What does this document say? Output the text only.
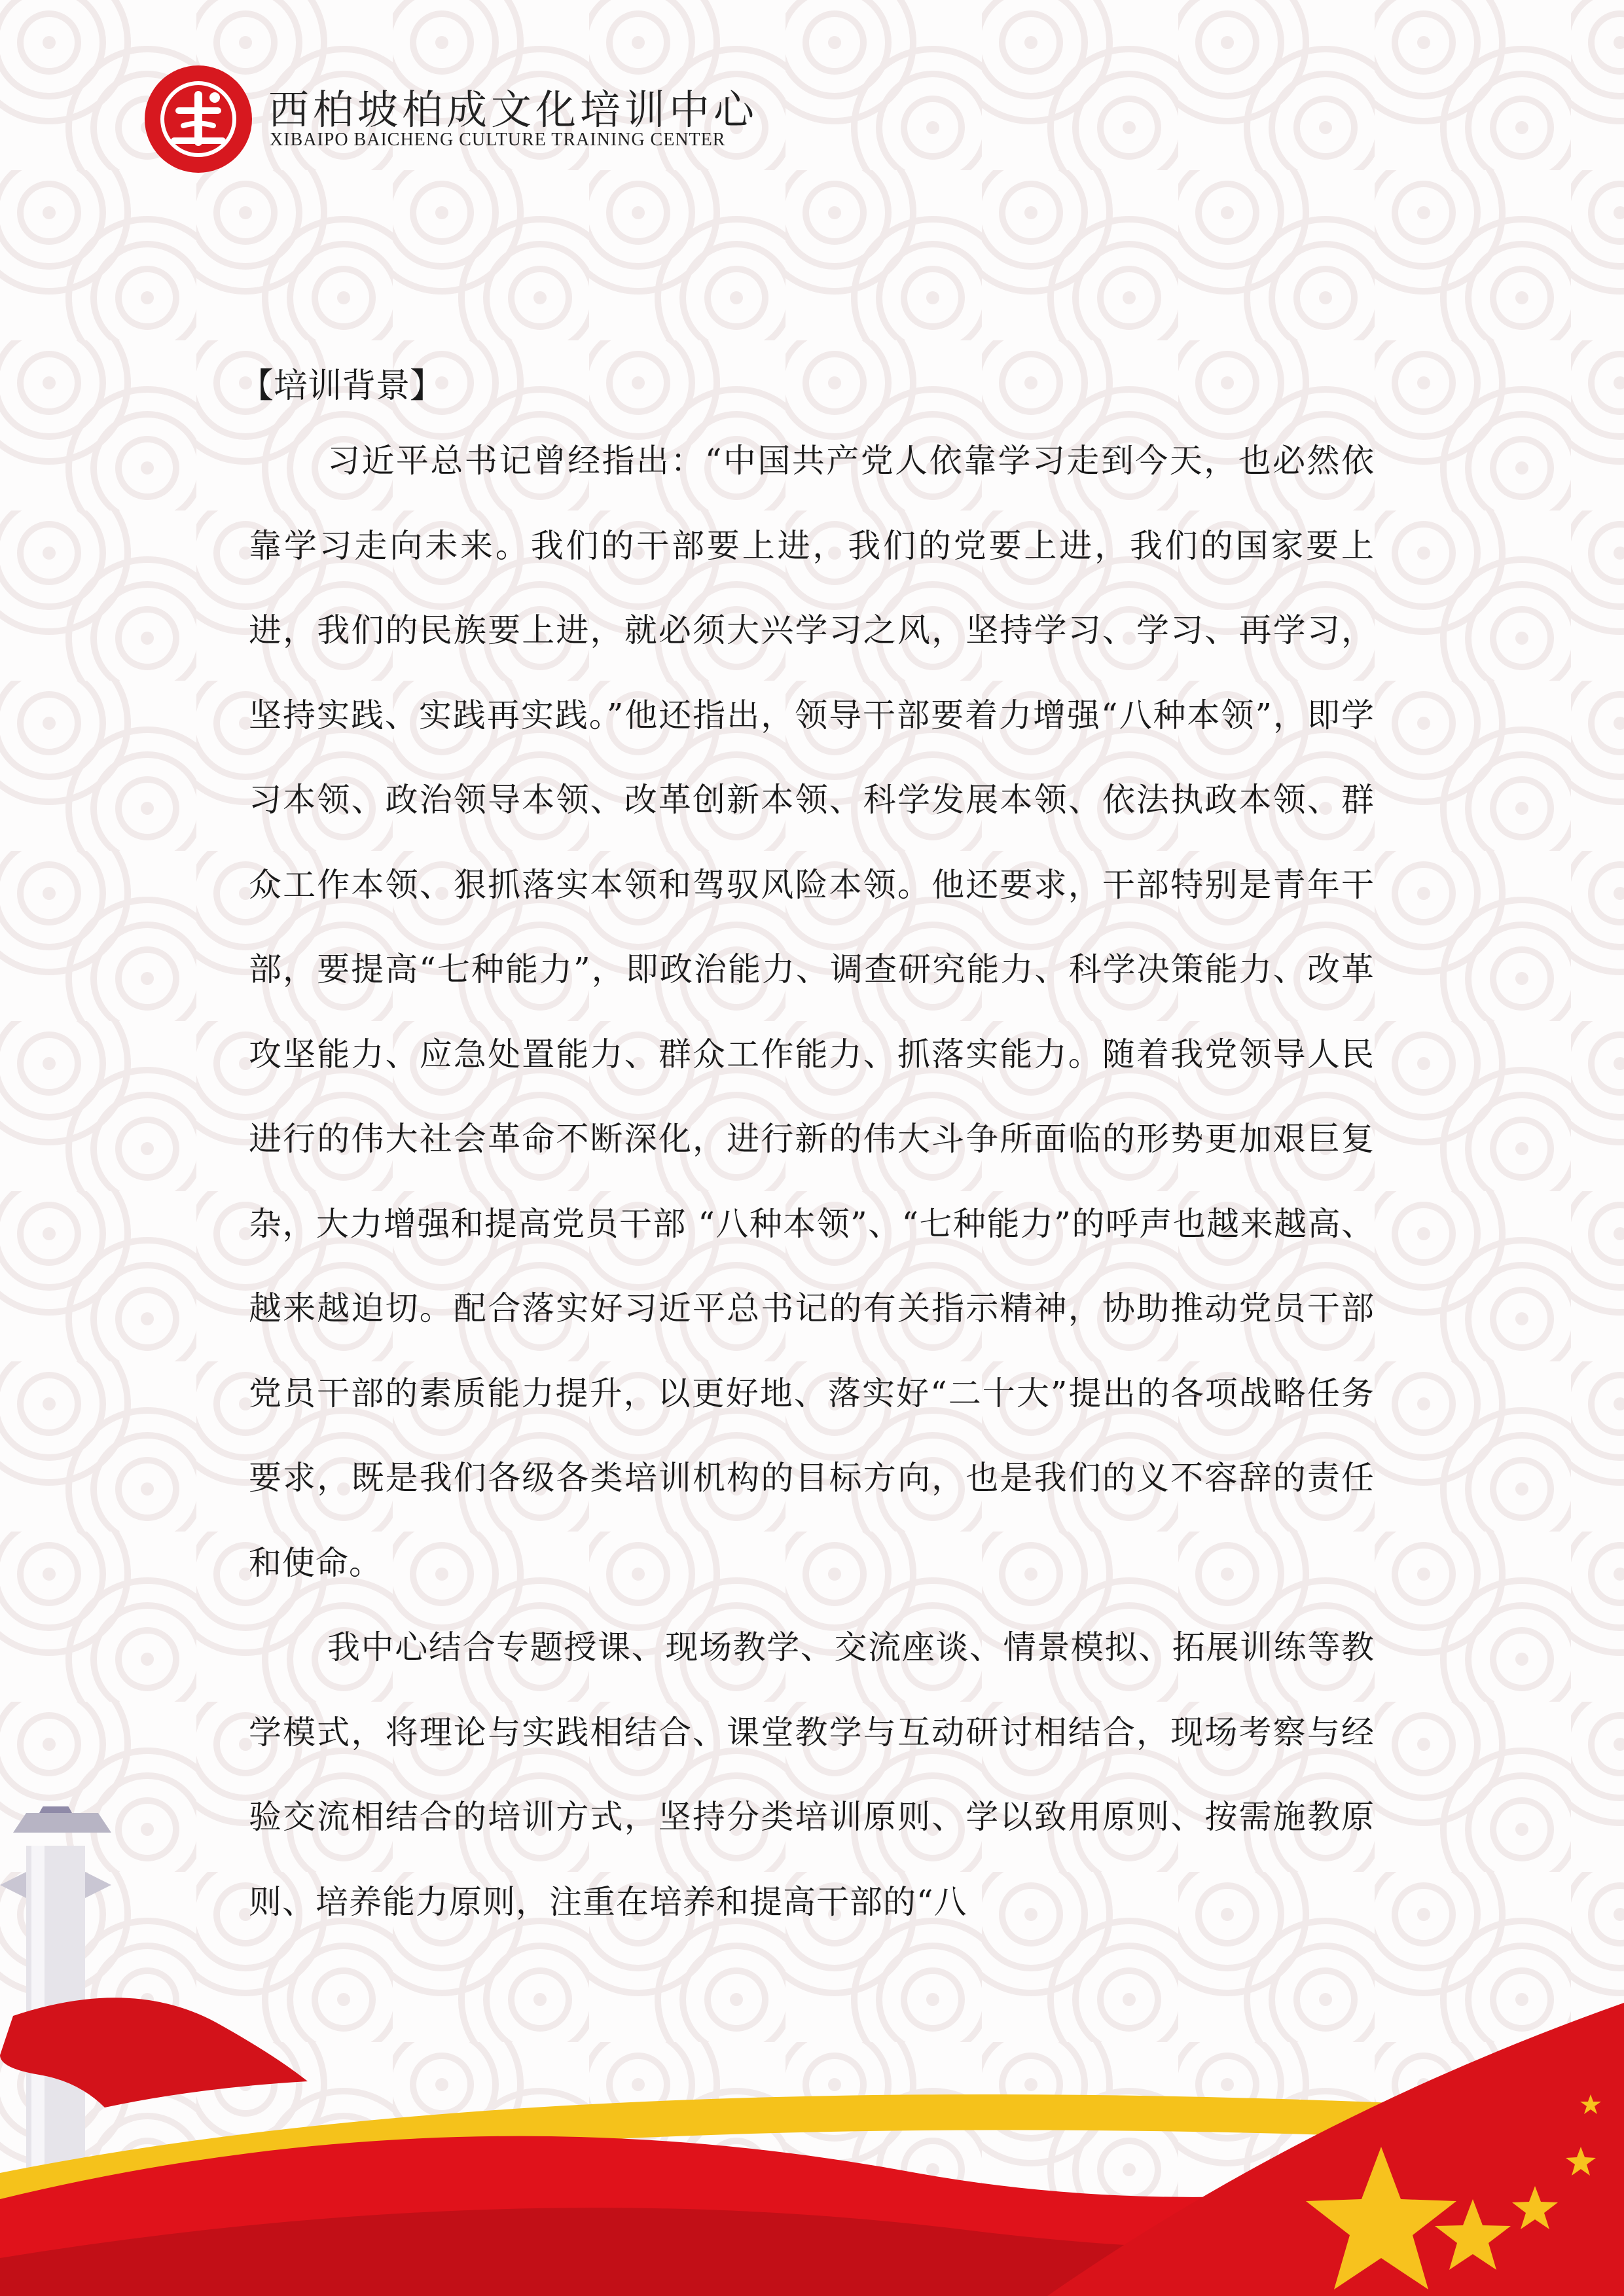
西柏坡柏成文化培训中心
XIBAIPO BAICHENG CULTURE TRAINING CENTER
【培训背景】

习近平总书记曾经指出：“中国共产党人依靠学习走到今天，也必然依靠学习走向未来。我们的干部要上进，我们的党要上进，我们的国家要上进，我们的民族要上进，就必须大兴学习之风，坚持学习、学习、再学习，坚持实践、实践再实践。”他还指出，领导干部要着力增强“八种本领”，即学习本领、政治领导本领、改革创新本领、科学发展本领、依法执政本领、群众工作本领、狠抓落实本领和驾驭风险本领。他还要求，干部特别是青年干部，要提高“七种能力”，即政治能力、调查研究能力、科学决策能力、改革攻坚能力、应急处置能力、群众工作能力、抓落实能力。随着我党领导人民进行的伟大社会革命不断深化，进行新的伟大斗争所面临的形势更加艰巨复杂，大力增强和提高党员干部 “八种本领”、“七种能力”的呼声也越来越高、越来越迫切。配合落实好习近平总书记的有关指示精神，协助推动党员干部党员干部的素质能力提升，以更好地、落实好“二十大”提出的各项战略任务要求，既是我们各级各类培训机构的目标方向，也是我们的义不容辞的责任和使命。

我中心结合专题授课、现场教学、交流座谈、情景模拟、拓展训练等教学模式，将理论与实践相结合、课堂教学与互动研讨相结合，现场考察与经验交流相结合的培训方式，坚持分类培训原则、学以致用原则、按需施教原则、培养能力原则，注重在培养和提高干部的“八
